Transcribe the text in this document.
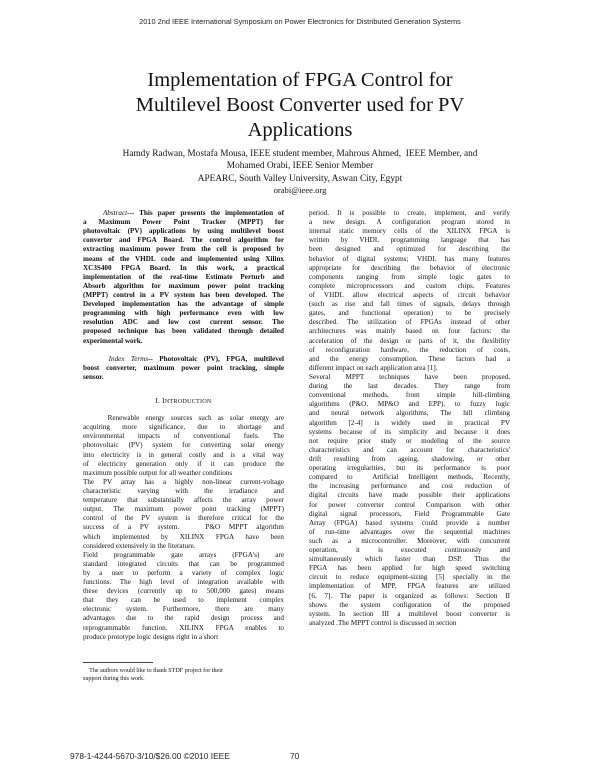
2010 2nd IEEE International Symposium on Power Electronics for Distributed Generation Systems
Implementation of FPGA Control for
Multilevel Boost Converter used for PV
Applications
Hamdy Radwan, Mostafa Mousa, IEEE student member, Mahrous Ahmed,  IEEE Member, and
Mohamed Orabi, IEEE Senior Member
APEARC, South Valley University, Aswan City, Egypt
orabi@ieee.org
Abstract--- This paper presents the implementation of
a Maximum Power Point Tracker (MPPT) for
photovoltaic (PV) applications by using multilevel boost
converter and FPGA Board. The control algorithm for
extracting maximum power from the cell is proposed by
means of the VHDL code and implemented using Xilinx
XC3S400 FPGA Board. In this work, a practical
implementation of the real-time Estimate Perturb and
Absorb algorithm for maximum power point tracking
(MPPT) control in a PV system has been developed. The
Developed implementation has the advantage of simple
programming with high performance even with low
resolution ADC and low cost current sensor. The
proposed technique has been validated through detailed
experimental work.
Index Terms-- Photovoltaic (PV), FPGA, multilevel
boost converter, maximum power point tracking, simple
sensor.
I. INTRODUCTION
Renewable energy sources such as solar energy are
acquiring more significance, due to shortage and
environmental impacts of conventional fuels. The
photovoltaic (PV) system for converting solar energy
into electricity is in general costly and is a vital way
of electricity generation only if it can produce the
maximum possible output for all weather conditions
The PV array has a highly non-linear current-voltage
characteristic varying with the irradiance and
temperature that substantially affects the array power
output. The maximum power point tracking (MPPT)
control of the PV system is therefore critical for the
success of a PV system.   P&O MPPT algorithm
which implemented by XILINX FPGA have been
considered extensively in the literature.
Field programmable gate arrays (FPGA's) are
standard integrated circuits that can be programmed
by a user to perform a variety of complex logic
functions. The high level of integration available with
these devices (currently up to 500,000 gates) means
that they can be used to implement complex
electronic system. Furthermore, there are many
advantages due to the rapid design process and
reprogrammable function. XILINX FPGA enables to
produce prototype logic designs right in a short
The authors would like to thank STDF project for their
support during this work.
period. It is possible to create, implement, and verify
a new design. A configuration program stored in
internal static memory cells of the XILINX FPGA is
written by VHDL programming language that has
been designed and optimized for describing the
behavior of digital systems; VHDL has many features
appropriate for describing the behavior of electronic
components ranging from simple logic gates to
complete microprocessors and custom chips. Features
of VHDL allow electrical aspects of circuit behavior
(such as rise and fall times of signals, delays through
gates, and functional operation) to be precisely
described. The utilization of FPGAs instead of other
architectures was mainly based on four factors: the
acceleration of the design or parts of it, the flexibility
of reconfiguration hardware, the reduction of costs,
and the energy consumption. These factors had a
different impact on each application area [1].
Several MPPT techniques have been proposed,
during the last decades. They range from
conventional methods, from simple hill-climbing
algorithms (P&O, MP&O and EPP), to fuzzy logic
and neural network algorithms, The hill climbing
algorithm [2-4] is widely used in practical PV
systems because of its simplicity and because it does
not require prior study or modeling of the source
characteristics and can account for characteristics'
drift resulting from ageing, shadowing, or other
operating irregularities, but its performance is poor
compared to  Artificial Intelligent methods, Recently,
the increasing performance and cost reduction of
digital circuits have made possible their applications
for power converter control Comparison with other
digital signal processors, Field Programmable Gate
Array (FPGA) based systems could provide a number
of run-time advantages over the sequential machines
such as a microcontroller. Moreover, with concurrent
operation, it is executed continuously and
simultaneously which faster than DSP. Thus the
FPGA has been applied for high speed switching
circuit to reduce equipment-sizing [5] specially in the
implementation of MPP, FPGA features are utilized
[6, 7]. The paper is organized as follows: Section II
shows the system configuration of the proposed
system. In section III a multilevel boost converter is
analyzed .The MPPT control is discussed in section
978-1-4244-5670-3/10/$26.00 ©2010 IEEE	70
